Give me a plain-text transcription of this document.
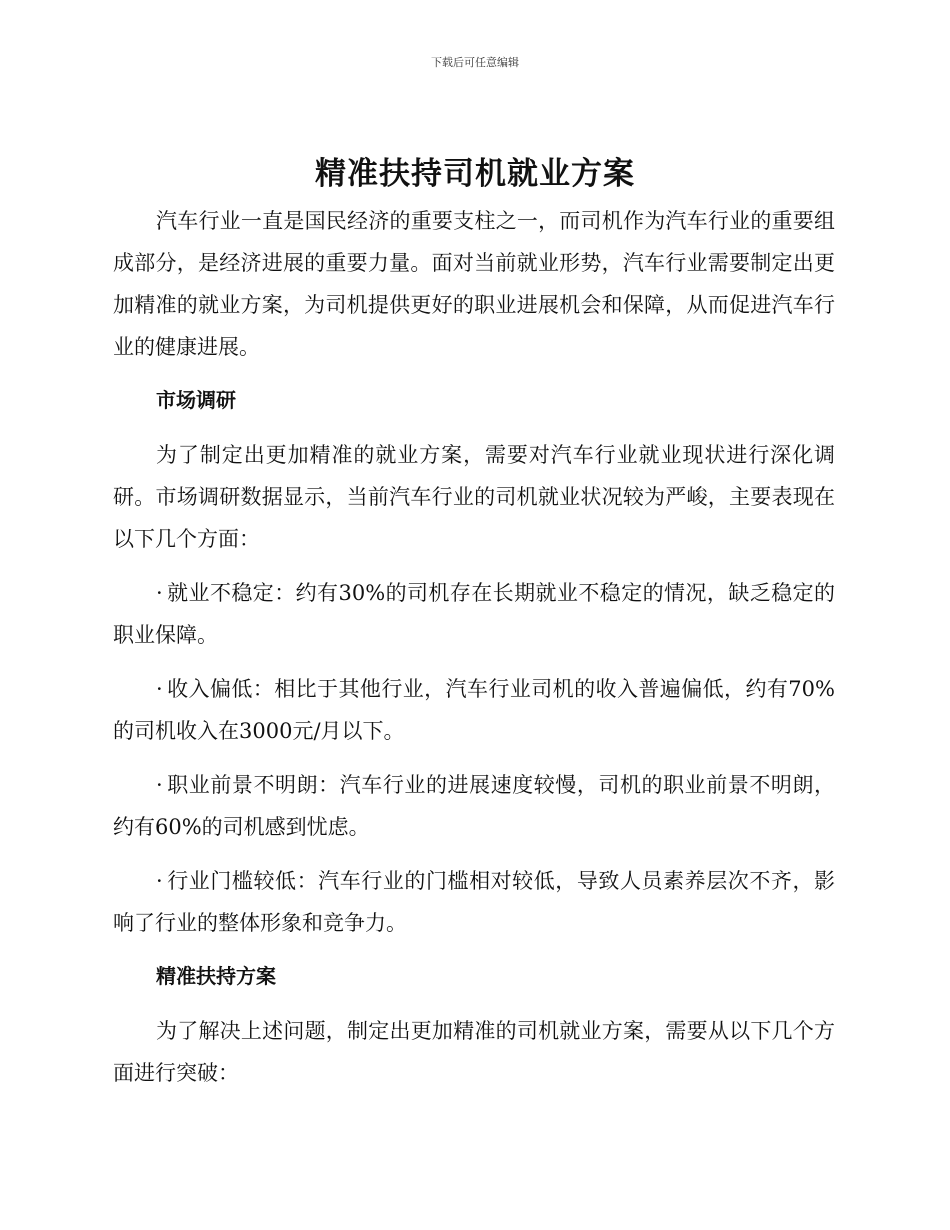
下载后可任意编辑
精准扶持司机就业方案

汽车行业一直是国民经济的重要支柱之一，而司机作为汽车行业的重要组成部分，是经济进展的重要力量。面对当前就业形势，汽车行业需要制定出更加精准的就业方案，为司机提供更好的职业进展机会和保障，从而促进汽车行业的健康进展。

市场调研

为了制定出更加精准的就业方案，需要对汽车行业就业现状进行深化调研。市场调研数据显示，当前汽车行业的司机就业状况较为严峻，主要表现在以下几个方面：

· 就业不稳定：约有30%的司机存在长期就业不稳定的情况，缺乏稳定的职业保障。

· 收入偏低：相比于其他行业，汽车行业司机的收入普遍偏低，约有70%的司机收入在3000元/月以下。

· 职业前景不明朗：汽车行业的进展速度较慢，司机的职业前景不明朗，约有60%的司机感到忧虑。

· 行业门槛较低：汽车行业的门槛相对较低，导致人员素养层次不齐，影响了行业的整体形象和竞争力。

精准扶持方案

为了解决上述问题，制定出更加精准的司机就业方案，需要从以下几个方面进行突破：
